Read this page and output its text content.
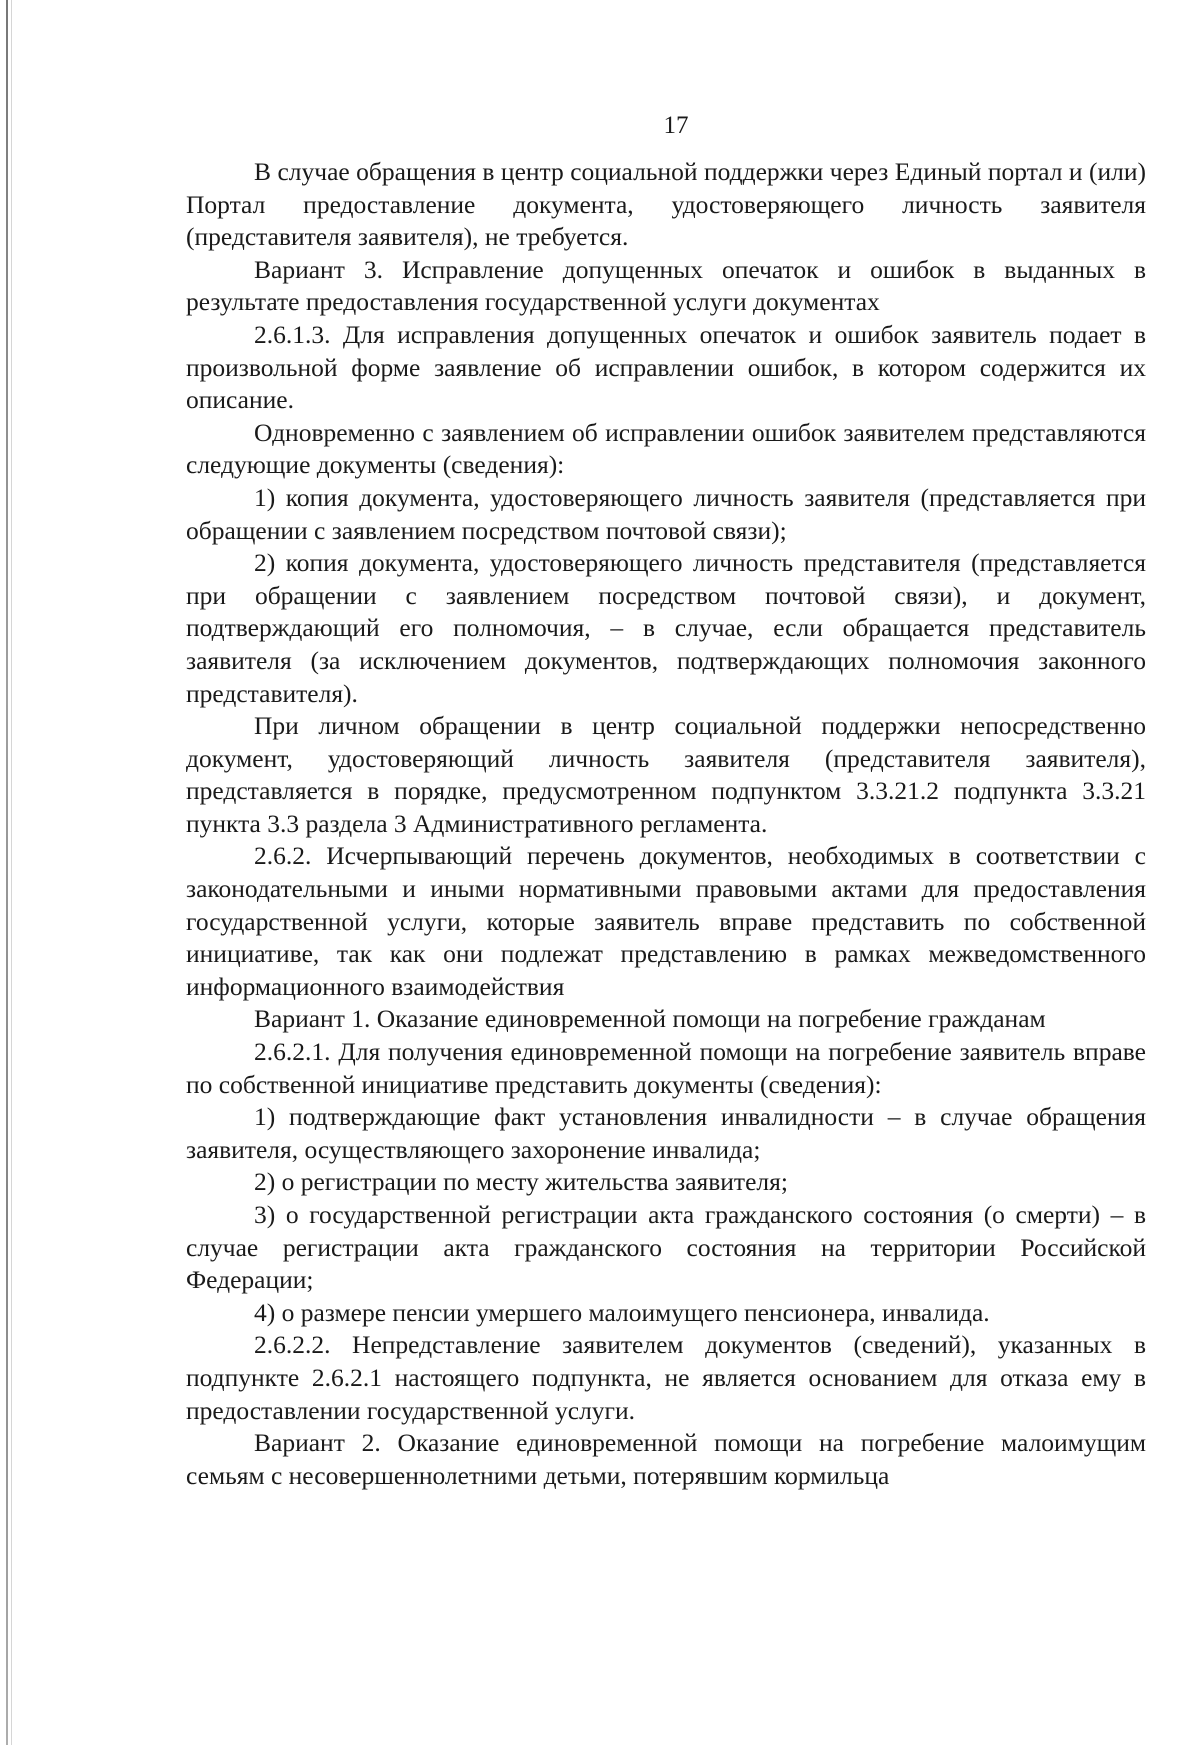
17

В случае обращения в центр социальной поддержки через Единый портал и (или) Портал предоставление документа, удостоверяющего личность заявителя (представителя заявителя), не требуется.

Вариант 3. Исправление допущенных опечаток и ошибок в выданных в результате предоставления государственной услуги документах

2.6.1.3. Для исправления допущенных опечаток и ошибок заявитель подает в произвольной форме заявление об исправлении ошибок, в котором содержится их описание.

Одновременно с заявлением об исправлении ошибок заявителем представляются следующие документы (сведения):

1) копия документа, удостоверяющего личность заявителя (представляется при обращении с заявлением посредством почтовой связи);

2) копия документа, удостоверяющего личность представителя (представляется при обращении с заявлением посредством почтовой связи), и документ, подтверждающий его полномочия, – в случае, если обращается представитель заявителя (за исключением документов, подтверждающих полномочия законного представителя).

При личном обращении в центр социальной поддержки непосредственно документ, удостоверяющий личность заявителя (представителя заявителя), представляется в порядке, предусмотренном подпунктом 3.3.21.2 подпункта 3.3.21 пункта 3.3 раздела 3 Административного регламента.

2.6.2. Исчерпывающий перечень документов, необходимых в соответствии с законодательными и иными нормативными правовыми актами для предоставления государственной услуги, которые заявитель вправе представить по собственной инициативе, так как они подлежат представлению в рамках межведомственного информационного взаимодействия

Вариант 1. Оказание единовременной помощи на погребение гражданам

2.6.2.1. Для получения единовременной помощи на погребение заявитель вправе по собственной инициативе представить документы (сведения):

1) подтверждающие факт установления инвалидности – в случае обращения заявителя, осуществляющего захоронение инвалида;

2) о регистрации по месту жительства заявителя;

3) о государственной регистрации акта гражданского состояния (о смерти) – в случае регистрации акта гражданского состояния на территории Российской Федерации;

4) о размере пенсии умершего малоимущего пенсионера, инвалида.

2.6.2.2. Непредставление заявителем документов (сведений), указанных в подпункте 2.6.2.1 настоящего подпункта, не является основанием для отказа ему в предоставлении государственной услуги.

Вариант 2. Оказание единовременной помощи на погребение малоимущим семьям с несовершеннолетними детьми, потерявшим кормильца
